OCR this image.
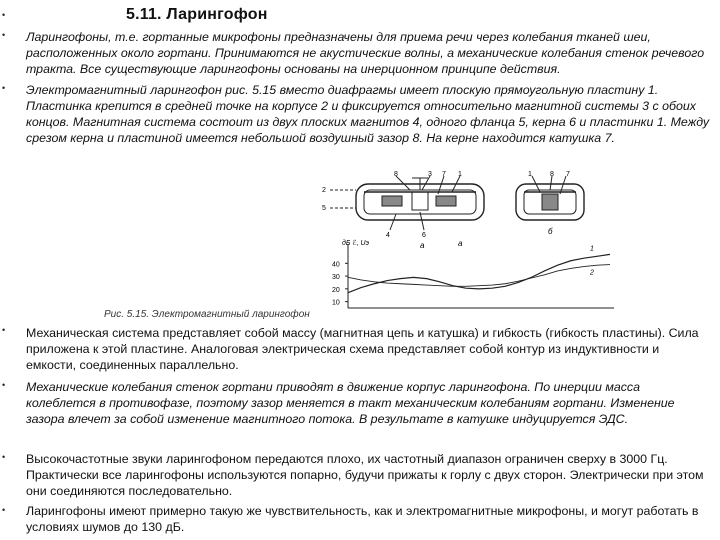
5.11. Ларингофон
•
•
•
•
•
•
•

Ларингофоны, т.е. гортанные микрофоны предназначены для приема речи через колебания тканей шеи, расположенных около гортани. Принимаются не акустические волны, а механические колебания стенок речевого тракта. Все существующие ларингофоны основаны на инерционном принципе действия.

Электромагнитный ларингофон рис. 5.15 вместо диафрагмы имеет плоскую прямоугольную пластину 1. Пластинка крепится в средней точке на корпусе 2 и фиксируется относительно магнитной системы 3 с обоих концов. Магнитная система состоит из двух плоских магнитов 4, одного фланца 5, керна 6 и пластинки 1. Между срезом керна и пластиной имеется небольшой воздушный зазор 8. На керне находится катушка 7.

8	3 7 1
2
5
4	6
а
1	8 7
б
дБ ℰ, Uэ	а
40
30
20
10
1
2
Рис. 5.15. Электромагнитный ларингофон

Механическая система представляет собой массу (магнитная цепь и катушка) и гибкость (гибкость пластины). Сила приложена к этой пластине. Аналоговая электрическая схема представляет собой контур из индуктивности и емкости, соединенных параллельно.

Механические колебания стенок гортани приводят в движение корпус ларингофона. По инерции масса колеблется в противофазе, поэтому зазор меняется в такт механическим колебаниям гортани. Изменение зазора влечет за собой изменение магнитного потока. В результате в катушке индуцируется ЭДС.

Высокочастотные звуки ларингофоном передаются плохо, их частотный диапазон ограничен сверху в 3000 Гц. Практически все ларингофоны используются попарно, будучи прижаты к горлу с двух сторон. Электрически при этом они соединяются последовательно.

Ларингофоны имеют примерно такую же чувствительность, как и электромагнитные микрофоны, и могут работать в условиях шумов до 130 дБ.
